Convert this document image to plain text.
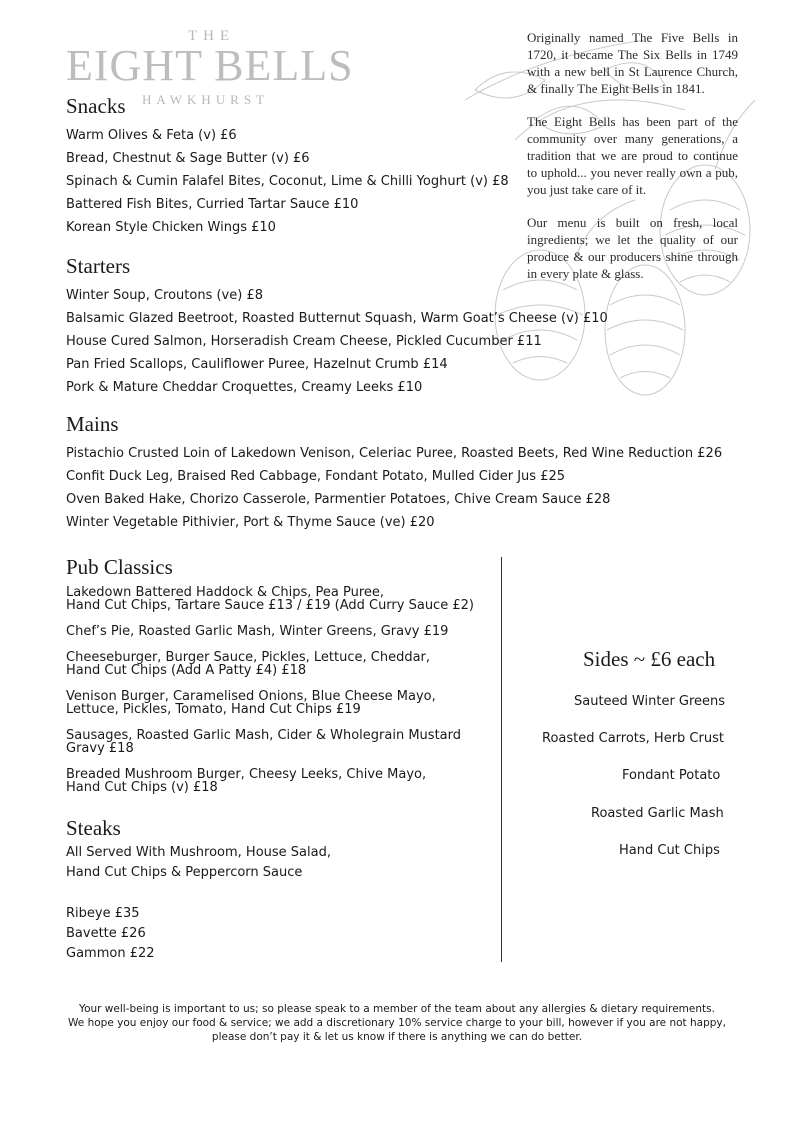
THE
EIGHT BELLS
HAWKHURST

Originally named The Five Bells in 1720, it became The Six Bells in 1749 with a new bell in St Laurence Church, & finally The Eight Bells in 1841.

The Eight Bells has been part of the community over many generations, a tradition that we are proud to continue to uphold... you never really own a pub, you just take care of it.

Our menu is built on fresh, local ingredients; we let the quality of our produce & our producers shine through in every plate & glass.

Snacks
Warm Olives & Feta (v) £6
Bread, Chestnut & Sage Butter (v) £6
Spinach & Cumin Falafel Bites, Coconut, Lime & Chilli Yoghurt (v) £8
Battered Fish Bites, Curried Tartar Sauce £10
Korean Style Chicken Wings £10
Starters
Winter Soup, Croutons (ve) £8
Balsamic Glazed Beetroot, Roasted Butternut Squash, Warm Goat’s Cheese (v) £10
House Cured Salmon, Horseradish Cream Cheese, Pickled Cucumber £11
Pan Fried Scallops, Cauliflower Puree, Hazelnut Crumb £14
Pork & Mature Cheddar Croquettes, Creamy Leeks £10
Mains
Pistachio Crusted Loin of Lakedown Venison, Celeriac Puree, Roasted Beets, Red Wine Reduction £26
Confit Duck Leg, Braised Red Cabbage, Fondant Potato, Mulled Cider Jus £25
Oven Baked Hake, Chorizo Casserole, Parmentier Potatoes, Chive Cream Sauce £28
Winter Vegetable Pithivier, Port & Thyme Sauce (ve) £20
Pub Classics
Lakedown Battered Haddock & Chips, Pea Puree,
Hand Cut Chips, Tartare Sauce £13 / £19 (Add Curry Sauce £2)
Chef’s Pie, Roasted Garlic Mash, Winter Greens, Gravy £19
Cheeseburger, Burger Sauce, Pickles, Lettuce, Cheddar,
Hand Cut Chips (Add A Patty £4) £18
Venison Burger, Caramelised Onions, Blue Cheese Mayo,
Lettuce, Pickles, Tomato, Hand Cut Chips £19
Sausages, Roasted Garlic Mash, Cider & Wholegrain Mustard
Gravy £18
Breaded Mushroom Burger, Cheesy Leeks, Chive Mayo,
Hand Cut Chips (v) £18
Steaks
All Served With Mushroom, House Salad,
Hand Cut Chips & Peppercorn Sauce
Ribeye £35
Bavette £26
Gammon £22
Sides ~ £6 each
Sauteed Winter Greens
Roasted Carrots, Herb Crust
Fondant Potato
Roasted Garlic Mash
Hand Cut Chips
Your well-being is important to us; so please speak to a member of the team about any allergies & dietary requirements.
We hope you enjoy our food & service; we add a discretionary 10% service charge to your bill, however if you are not happy,
please don’t pay it & let us know if there is anything we can do better.
